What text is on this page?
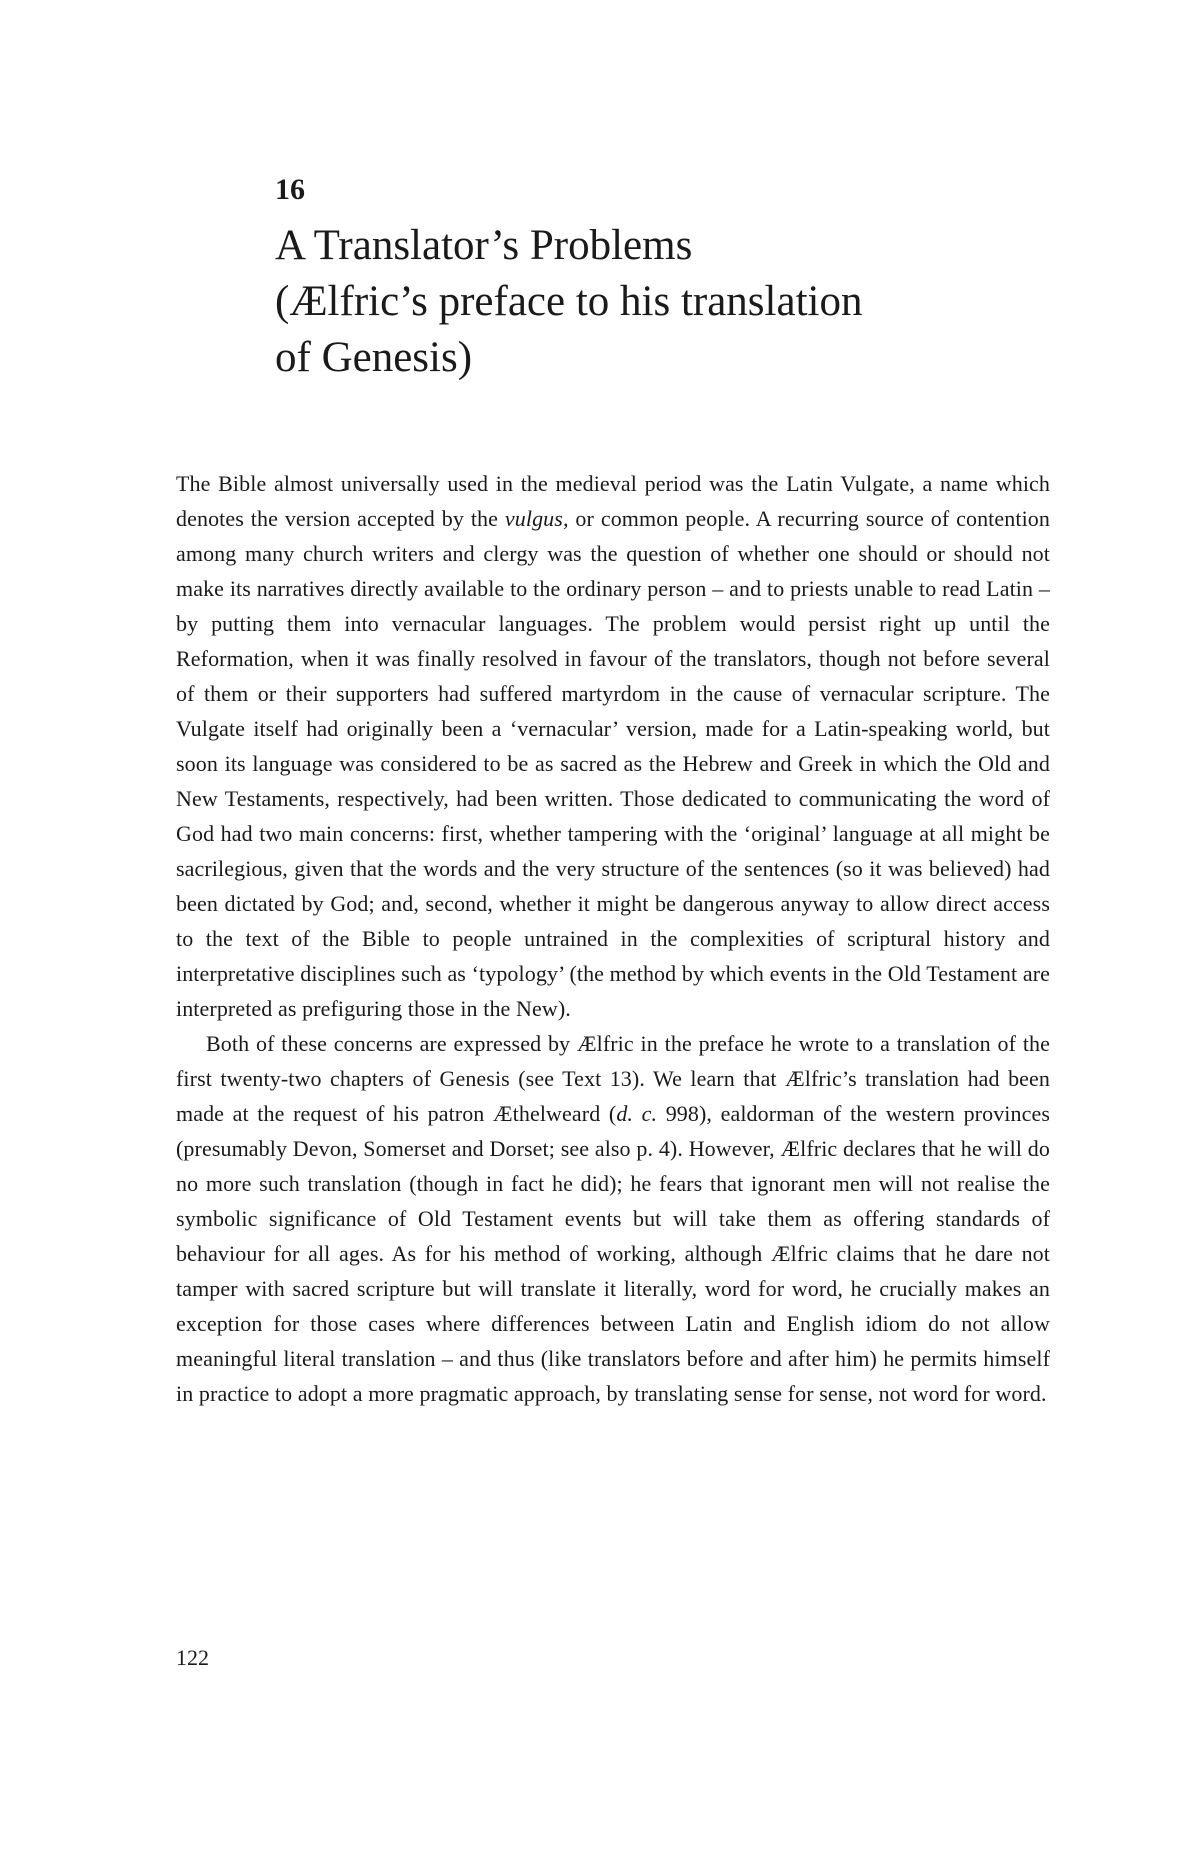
16
A Translator’s Problems
(Ælfric’s preface to his translation
of Genesis)

The Bible almost universally used in the medieval period was the Latin Vulgate, a name which denotes the version accepted by the vulgus, or common people. A recurring source of contention among many church writers and clergy was the question of whether one should or should not make its narratives directly available to the ordinary person – and to priests unable to read Latin – by putting them into vernacular languages. The problem would persist right up until the Reformation, when it was finally resolved in favour of the translators, though not before several of them or their supporters had suffered martyrdom in the cause of vernacular scripture. The Vulgate itself had originally been a ‘vernacular’ version, made for a Latin-speaking world, but soon its language was considered to be as sacred as the Hebrew and Greek in which the Old and New Testaments, respectively, had been written. Those dedicated to communicating the word of God had two main concerns: first, whether tampering with the ‘original’ language at all might be sacrilegious, given that the words and the very structure of the sentences (so it was believed) had been dictated by God; and, second, whether it might be dangerous anyway to allow direct access to the text of the Bible to people untrained in the complexities of scriptural history and interpretative disciplines such as ‘typology’ (the method by which events in the Old Testament are interpreted as prefiguring those in the New).

Both of these concerns are expressed by Ælfric in the preface he wrote to a translation of the first twenty-two chapters of Genesis (see Text 13). We learn that Ælfric’s translation had been made at the request of his patron Æthelweard (d. c. 998), ealdorman of the western provinces (presumably Devon, Somerset and Dorset; see also p. 4). However, Ælfric declares that he will do no more such translation (though in fact he did); he fears that ignorant men will not realise the symbolic significance of Old Testament events but will take them as offering standards of behaviour for all ages. As for his method of working, although Ælfric claims that he dare not tamper with sacred scripture but will translate it literally, word for word, he crucially makes an exception for those cases where differences between Latin and English idiom do not allow meaningful literal translation – and thus (like translators before and after him) he permits himself in practice to adopt a more pragmatic approach, by translating sense for sense, not word for word.

122
